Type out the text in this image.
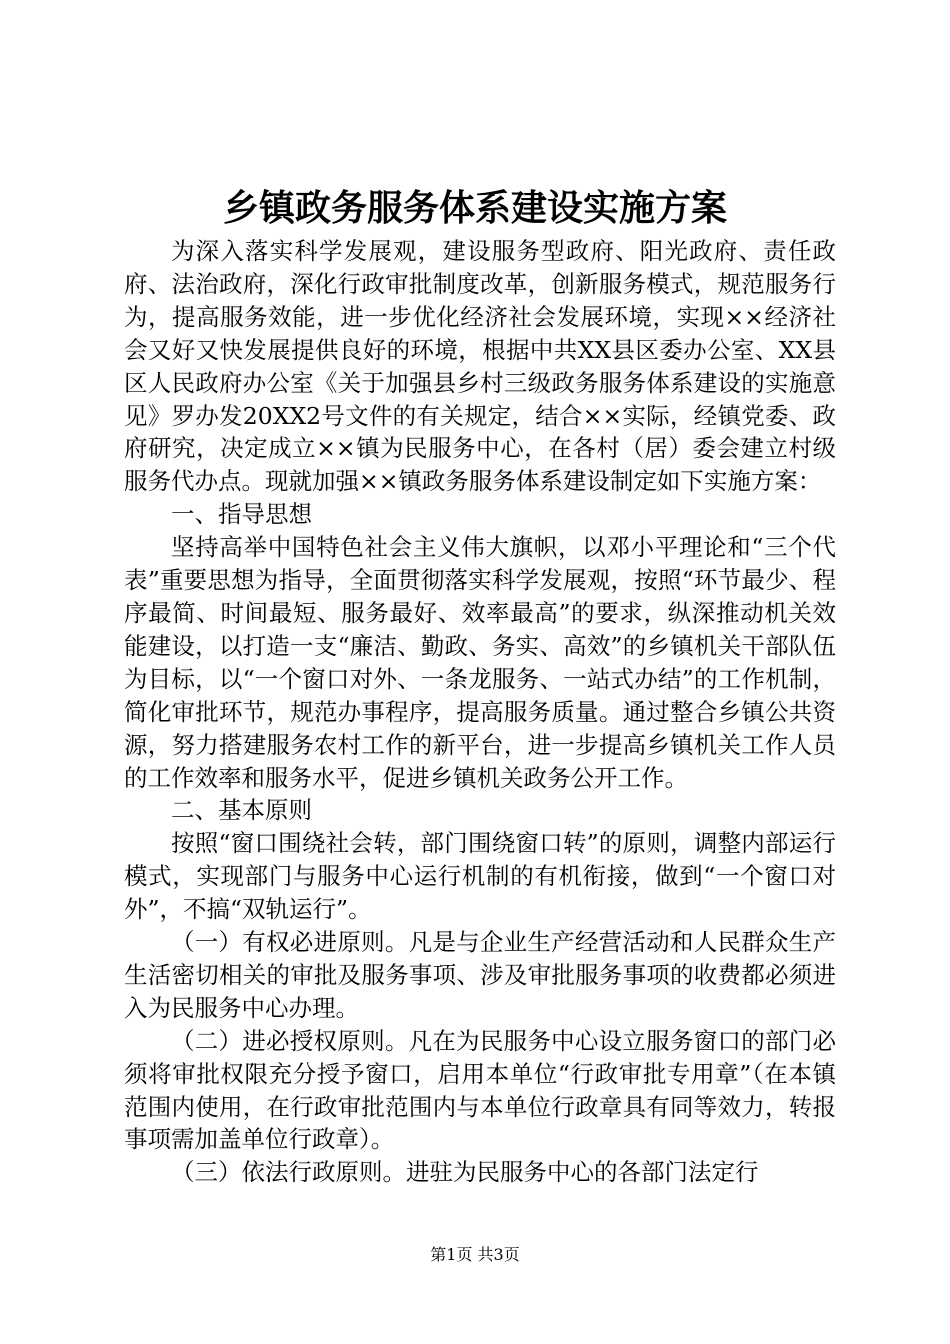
乡镇政务服务体系建设实施方案

为深入落实科学发展观，建设服务型政府、阳光政府、责任政府、法治政府，深化行政审批制度改革，创新服务模式，规范服务行为，提高服务效能，进一步优化经济社会发展环境，实现××经济社会又好又快发展提供良好的环境，根据中共XX县区委办公室、XX县区人民政府办公室《关于加强县乡村三级政务服务体系建设的实施意见》罗办发20XX2号文件的有关规定，结合××实际，经镇党委、政府研究，决定成立××镇为民服务中心，在各村（居）委会建立村级服务代办点。现就加强××镇政务服务体系建设制定如下实施方案：

一、指导思想

坚持高举中国特色社会主义伟大旗帜，以邓小平理论和“三个代表”重要思想为指导，全面贯彻落实科学发展观，按照“环节最少、程序最简、时间最短、服务最好、效率最高”的要求，纵深推动机关效能建设，以打造一支“廉洁、勤政、务实、高效”的乡镇机关干部队伍为目标，以“一个窗口对外、一条龙服务、一站式办结”的工作机制，简化审批环节，规范办事程序，提高服务质量。通过整合乡镇公共资源，努力搭建服务农村工作的新平台，进一步提高乡镇机关工作人员的工作效率和服务水平，促进乡镇机关政务公开工作。

二、基本原则

按照“窗口围绕社会转，部门围绕窗口转”的原则，调整内部运行模式，实现部门与服务中心运行机制的有机衔接，做到“一个窗口对外”，不搞“双轨运行”。

（一）有权必进原则。凡是与企业生产经营活动和人民群众生产生活密切相关的审批及服务事项、涉及审批服务事项的收费都必须进入为民服务中心办理。

（二）进必授权原则。凡在为民服务中心设立服务窗口的部门必须将审批权限充分授予窗口，启用本单位“行政审批专用章”（在本镇范围内使用，在行政审批范围内与本单位行政章具有同等效力，转报事项需加盖单位行政章）。

（三）依法行政原则。进驻为民服务中心的各部门法定行

第1页 共3页
